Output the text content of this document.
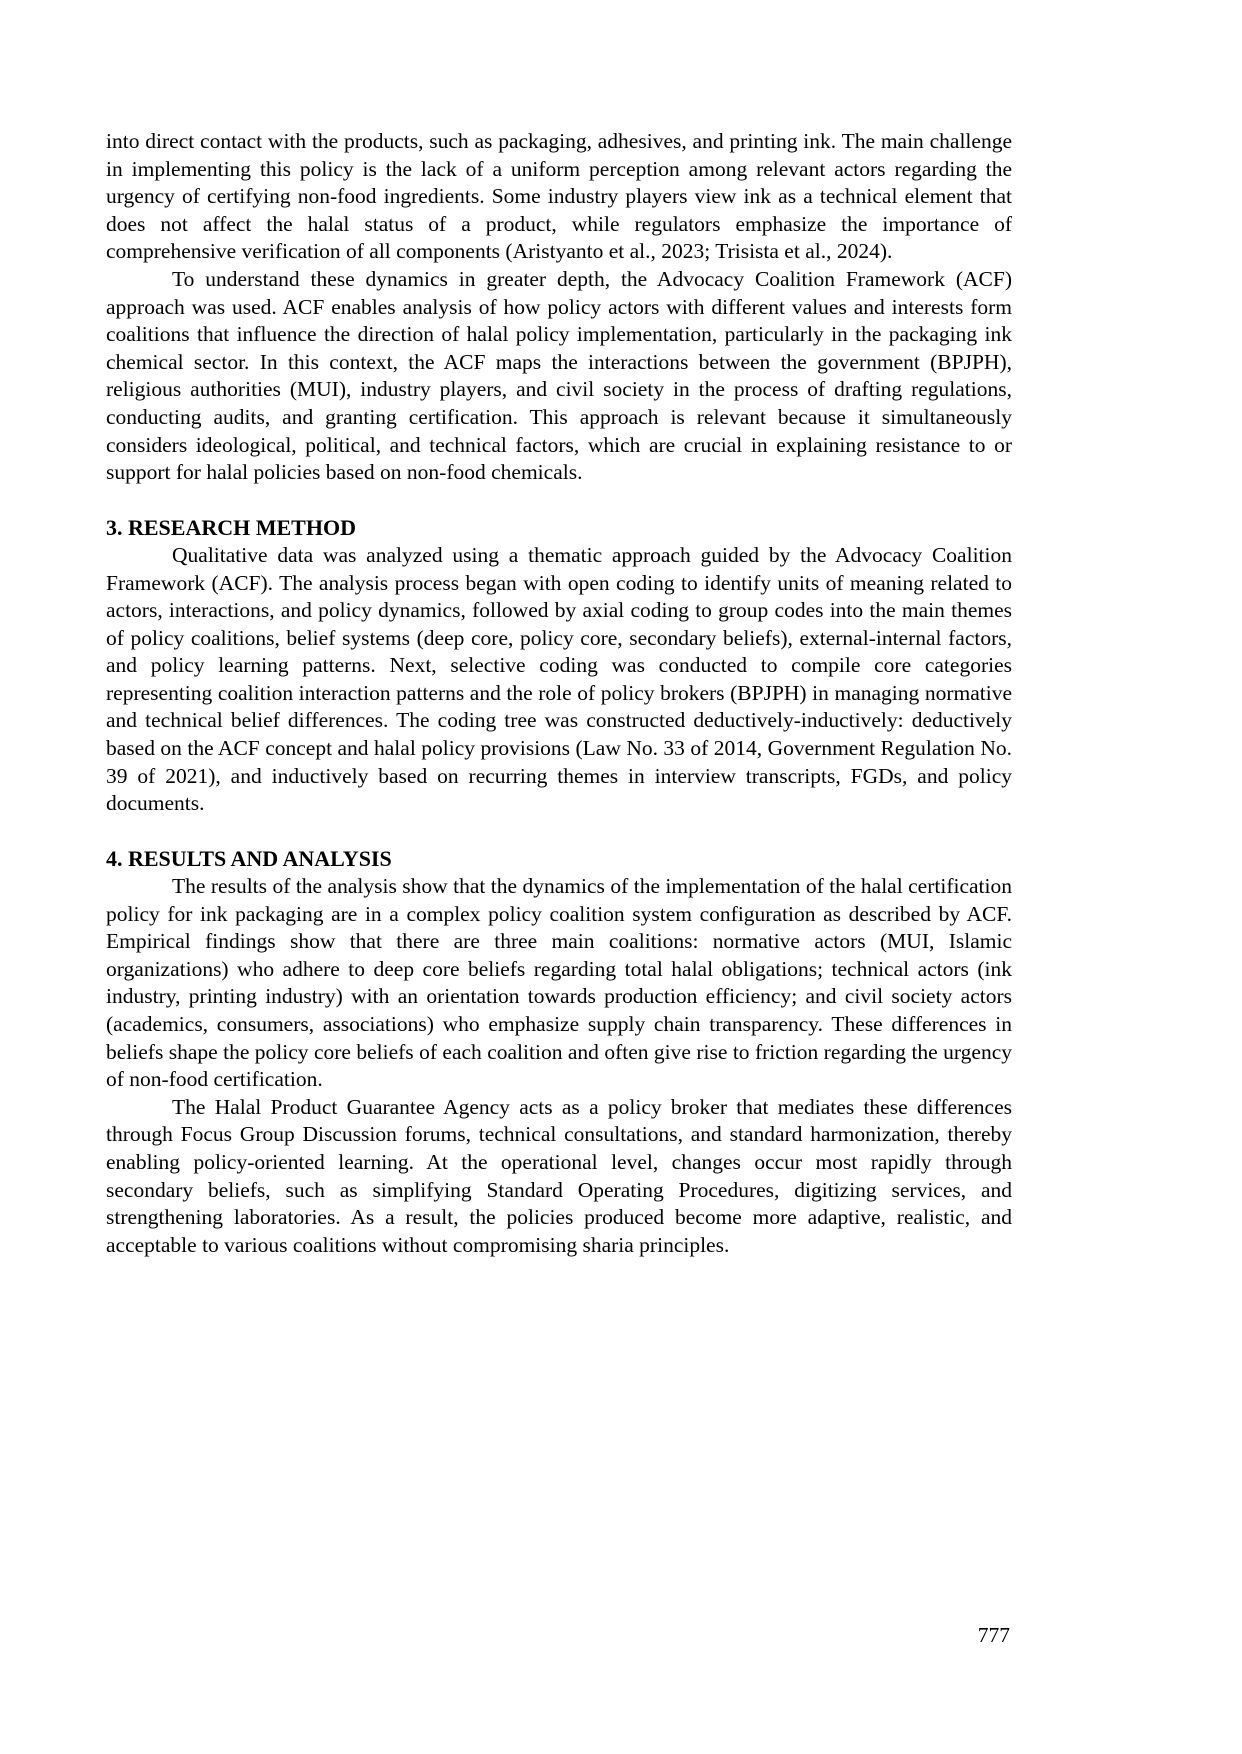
into direct contact with the products, such as packaging, adhesives, and printing ink. The main challenge in implementing this policy is the lack of a uniform perception among relevant actors regarding the urgency of certifying non-food ingredients. Some industry players view ink as a technical element that does not affect the halal status of a product, while regulators emphasize the importance of comprehensive verification of all components (Aristyanto et al., 2023; Trisista et al., 2024).

To understand these dynamics in greater depth, the Advocacy Coalition Framework (ACF) approach was used. ACF enables analysis of how policy actors with different values and interests form coalitions that influence the direction of halal policy implementation, particularly in the packaging ink chemical sector. In this context, the ACF maps the interactions between the government (BPJPH), religious authorities (MUI), industry players, and civil society in the process of drafting regulations, conducting audits, and granting certification. This approach is relevant because it simultaneously considers ideological, political, and technical factors, which are crucial in explaining resistance to or support for halal policies based on non-food chemicals.

3. RESEARCH METHOD

Qualitative data was analyzed using a thematic approach guided by the Advocacy Coalition Framework (ACF). The analysis process began with open coding to identify units of meaning related to actors, interactions, and policy dynamics, followed by axial coding to group codes into the main themes of policy coalitions, belief systems (deep core, policy core, secondary beliefs), external-internal factors, and policy learning patterns. Next, selective coding was conducted to compile core categories representing coalition interaction patterns and the role of policy brokers (BPJPH) in managing normative and technical belief differences. The coding tree was constructed deductively-inductively: deductively based on the ACF concept and halal policy provisions (Law No. 33 of 2014, Government Regulation No. 39 of 2021), and inductively based on recurring themes in interview transcripts, FGDs, and policy documents.

4. RESULTS AND ANALYSIS

The results of the analysis show that the dynamics of the implementation of the halal certification policy for ink packaging are in a complex policy coalition system configuration as described by ACF. Empirical findings show that there are three main coalitions: normative actors (MUI, Islamic organizations) who adhere to deep core beliefs regarding total halal obligations; technical actors (ink industry, printing industry) with an orientation towards production efficiency; and civil society actors (academics, consumers, associations) who emphasize supply chain transparency. These differences in beliefs shape the policy core beliefs of each coalition and often give rise to friction regarding the urgency of non-food certification.

The Halal Product Guarantee Agency acts as a policy broker that mediates these differences through Focus Group Discussion forums, technical consultations, and standard harmonization, thereby enabling policy-oriented learning. At the operational level, changes occur most rapidly through secondary beliefs, such as simplifying Standard Operating Procedures, digitizing services, and strengthening laboratories. As a result, the policies produced become more adaptive, realistic, and acceptable to various coalitions without compromising sharia principles.

777
